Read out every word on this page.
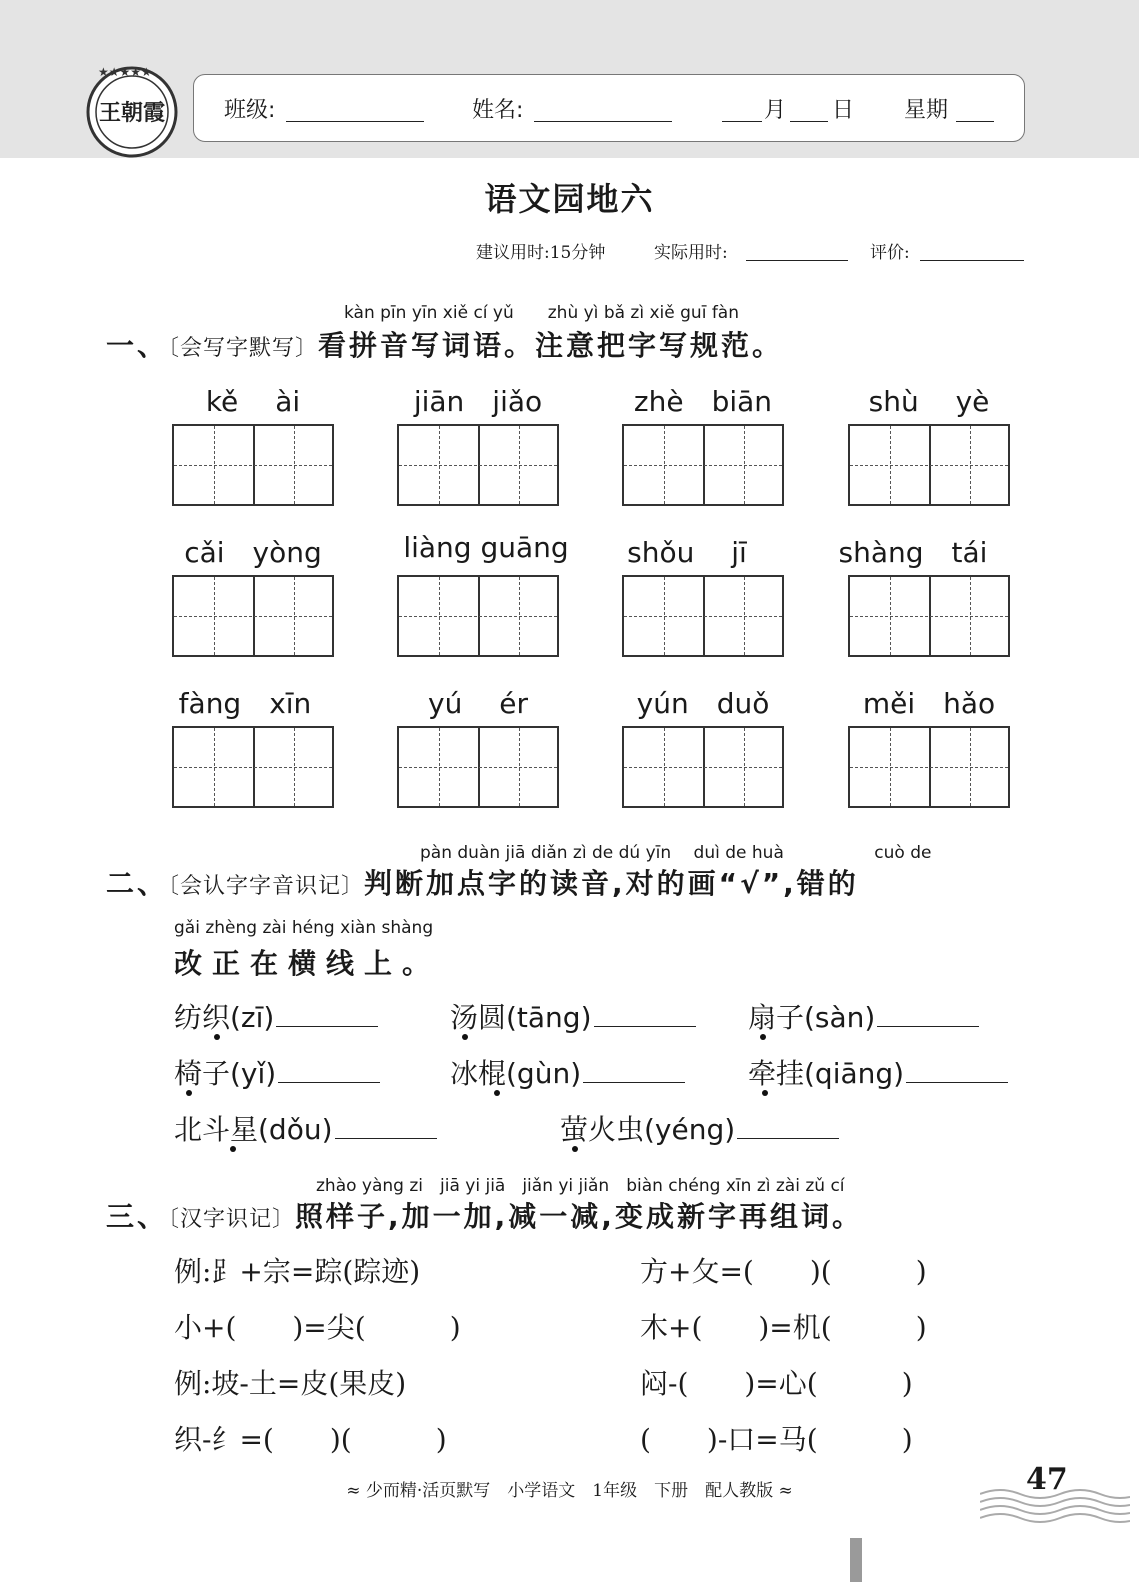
★★★★★
王朝霞	班级:	姓名:	月 日 星期
语文园地六
建议用时:15分钟	实际用时:	评价:
kàn pīn yīn xiě cí yǔ　　zhù yì bǎ zì xiě guī fàn
一、〔会写字默写〕看拼音写词语。注意把字写规范。
kě　 ài	jiān　jiǎo	zhè　biān	shù　 yè
cǎi　yòng	liàng guāng	shǒu　 jī	shàng　tái
fàng　xīn	yú　 ér	yún　duǒ	měi　hǎo
pàn duàn jiā diǎn zì de dú yīn　 duì de huà　　　　　 cuò de
二、〔会认字字音识记〕判断加点字的读音,对的画“√”,错的
gǎi zhèng zài héng xiàn shàng
改正在横线上。
纺织(zī)	汤圆(tāng)	扇子(sàn)
椅子(yǐ)	冰棍(gùn)	牵挂(qiāng)
北斗星(dǒu)	萤火虫(yéng)
zhào yàng zi　jiā yi jiā　jiǎn yi jiǎn　biàn chéng xīn zì zài zǔ cí
三、〔汉字识记〕照样子,加一加,减一减,变成新字再组词。
例:⻊+宗=踪(踪迹)	方+攵=(　　)(　　　)
小+(　　)=尖(　　　)	木+(　　)=机(　　　)
例:坡-土=皮(果皮)	闷-(　　)=心(　　　)
织-纟=(　　)(　　　)	(　　)-口=马(　　　)
≈ 少而精·活页默写　小学语文　1年级　下册　配人教版 ≈	47
